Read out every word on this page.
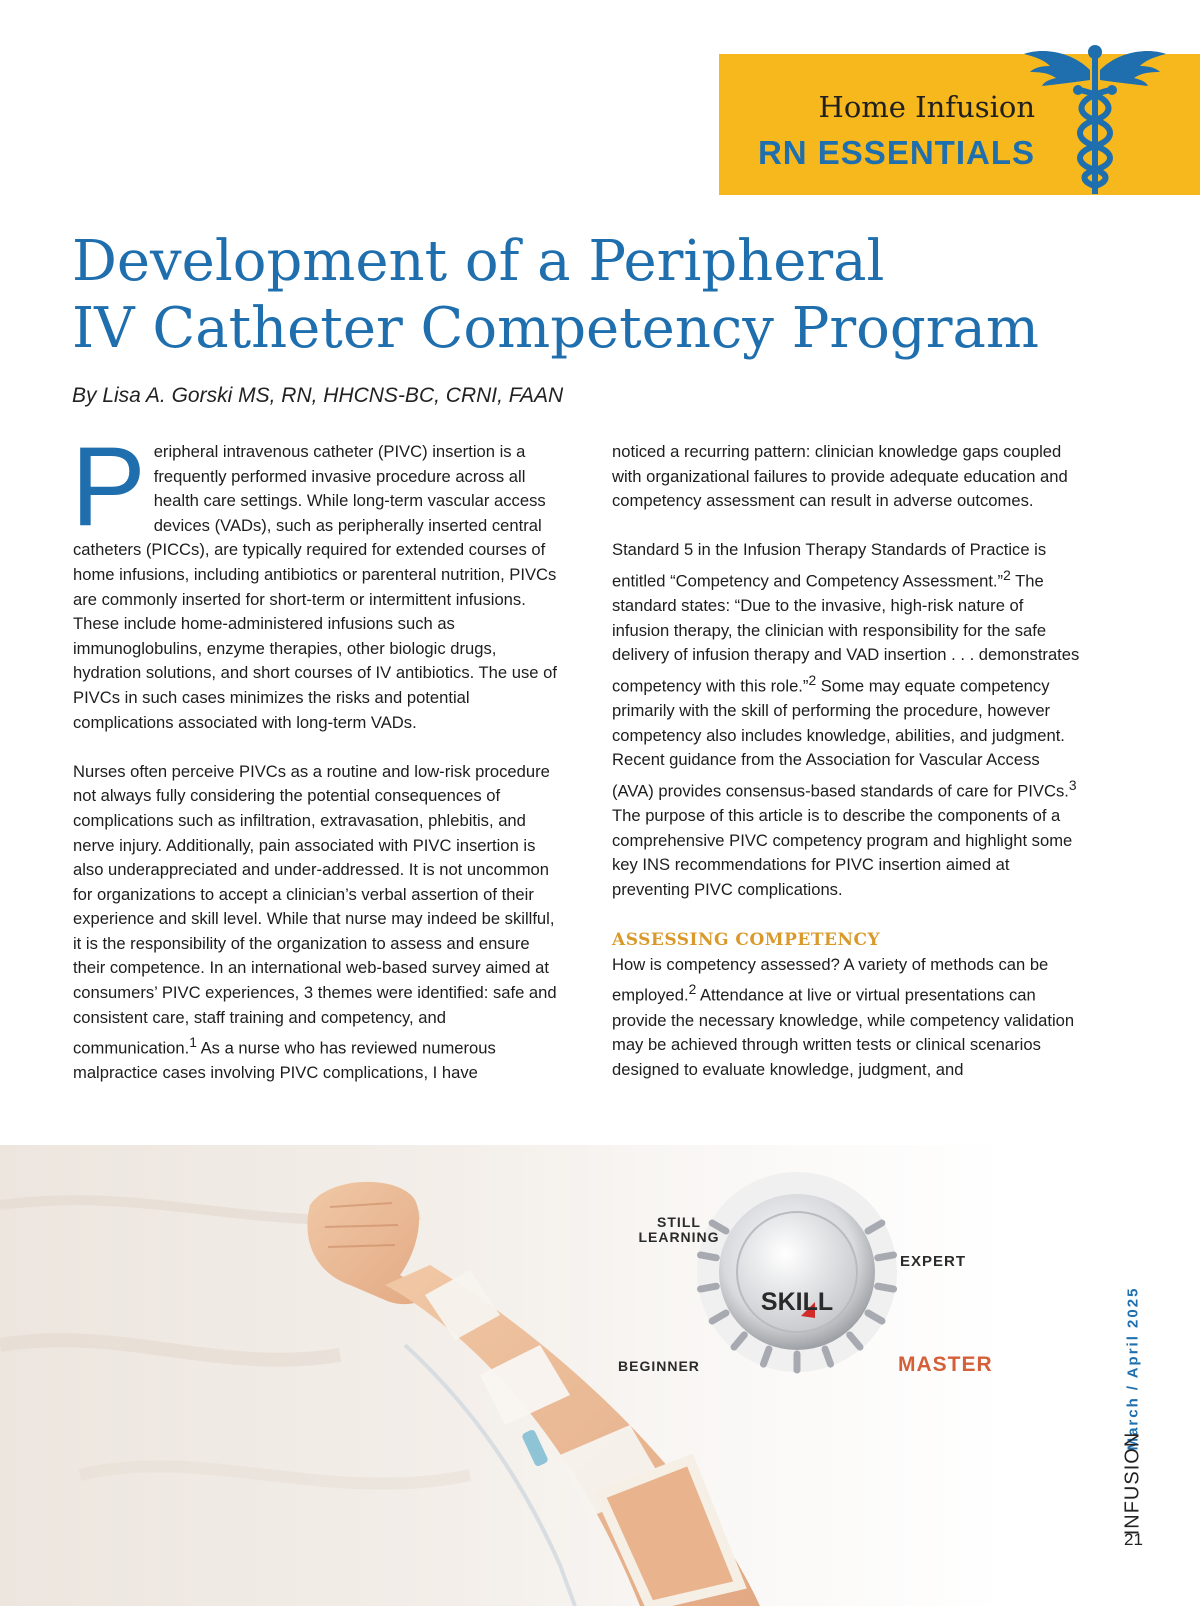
Home Infusion
RN ESSENTIALS
Development of a Peripheral
IV Catheter Competency Program

By Lisa A. Gorski MS, RN, HHCNS-BC, CRNI, FAAN

Peripheral intravenous catheter (PIVC) insertion is a frequently performed invasive procedure across all health care settings. While long-term vascular access devices (VADs), such as peripherally inserted central catheters (PICCs), are typically required for extended courses of home infusions, including antibiotics or parenteral nutrition, PIVCs are commonly inserted for short-term or intermittent infusions. These include home-administered infusions such as immunoglobulins, enzyme therapies, other biologic drugs, hydration solutions, and short courses of IV antibiotics. The use of PIVCs in such cases minimizes the risks and potential complications associated with long-term VADs.

Nurses often perceive PIVCs as a routine and low-risk procedure not always fully considering the potential consequences of complications such as infiltration, extravasation, phlebitis, and nerve injury. Additionally, pain associated with PIVC insertion is also underappreciated and under-addressed. It is not uncommon for organizations to accept a clinician’s verbal assertion of their experience and skill level. While that nurse may indeed be skillful, it is the responsibility of the organization to assess and ensure their competence. In an international web-based survey aimed at consumers’ PIVC experiences, 3 themes were identified: safe and consistent care, staff training and competency, and communication.$^1$ As a nurse who has reviewed numerous malpractice cases involving PIVC complications, I have

noticed a recurring pattern: clinician knowledge gaps coupled with organizational failures to provide adequate education and competency assessment can result in adverse outcomes.

Standard 5 in the Infusion Therapy Standards of Practice is entitled “Competency and Competency Assessment.”$^2$ The standard states: “Due to the invasive, high-risk nature of infusion therapy, the clinician with responsibility for the safe delivery of infusion therapy and VAD insertion . . . demonstrates competency with this role.”$^2$ Some may equate competency primarily with the skill of performing the procedure, however competency also includes knowledge, abilities, and judgment. Recent guidance from the Association for Vascular Access (AVA) provides consensus-based standards of care for PIVCs.$^3$ The purpose of this article is to describe the components of a comprehensive PIVC competency program and highlight some key INS recommendations for PIVC insertion aimed at preventing PIVC complications.

ASSESSING COMPETENCY

How is competency assessed? A variety of methods can be employed.$^2$ Attendance at live or virtual presentations can provide the necessary knowledge, while competency validation may be achieved through written tests or clinical scenarios designed to evaluate knowledge, judgment, and

SKILL
STILL
LEARNING
EXPERT
BEGINNER	MASTER	March / April 2025
INFUSION
21
